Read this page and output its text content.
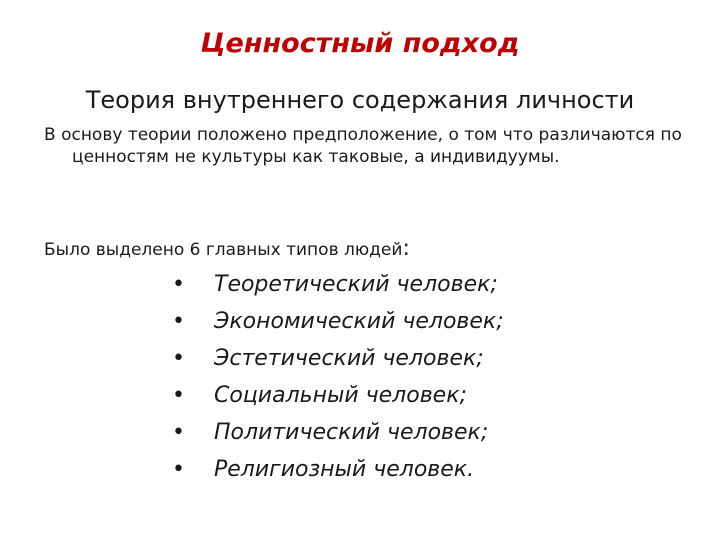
Ценностный подход
Теория внутреннего содержания личности
В основу теории положено предположение, о том что различаются по ценностям не культуры как таковые, а индивидуумы.
Было выделено 6 главных типов людей:
• Теоретический человек;
• Экономический человек;
• Эстетический человек;
• Социальный человек;
• Политический человек;
• Религиозный человек.
